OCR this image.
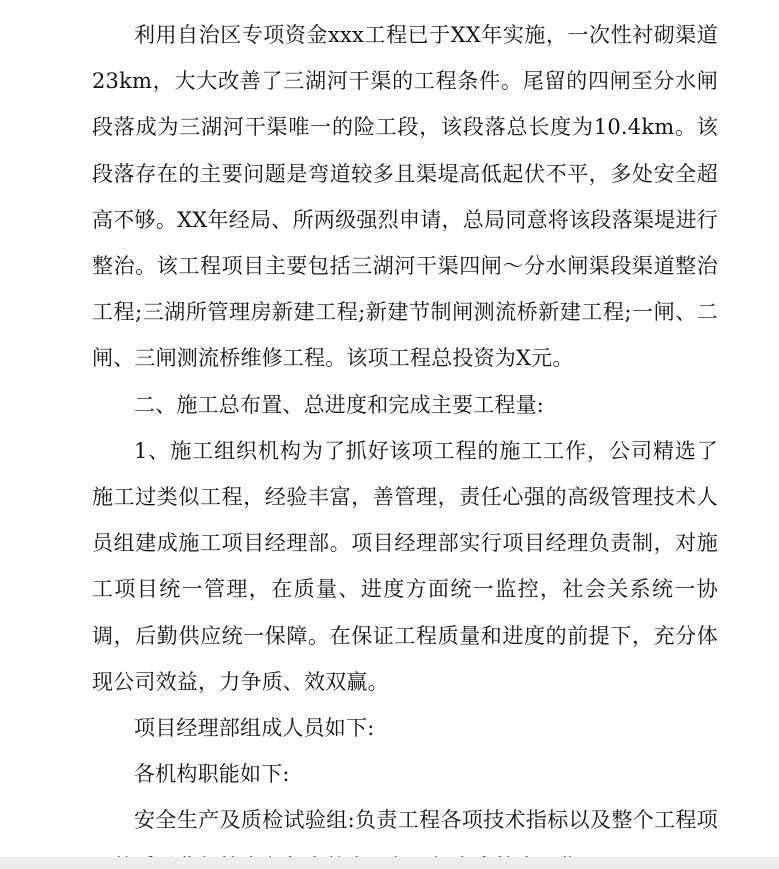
利用自治区专项资金xxx工程已于XX年实施，一次性衬砌渠道23km，大大改善了三湖河干渠的工程条件。尾留的四闸至分水闸段落成为三湖河干渠唯一的险工段，该段落总长度为10.4km。该段落存在的主要问题是弯道较多且渠堤高低起伏不平，多处安全超高不够。XX年经局、所两级强烈申请，总局同意将该段落渠堤进行整治。该工程项目主要包括三湖河干渠四闸～分水闸渠段渠道整治工程;三湖所管理房新建工程;新建节制闸测流桥新建工程;一闸、二闸、三闸测流桥维修工程。该项工程总投资为X元。

二、施工总布置、总进度和完成主要工程量:

1、施工组织机构为了抓好该项工程的施工工作，公司精选了施工过类似工程，经验丰富，善管理，责任心强的高级管理技术人员组建成施工项目经理部。项目经理部实行项目经理负责制，对施工项目统一管理，在质量、进度方面统一监控，社会关系统一协调，后勤供应统一保障。在保证工程质量和进度的前提下，充分体现公司效益，力争质、效双赢。

项目经理部组成人员如下:

各机构职能如下:

安全生产及质检试验组:负责工程各项技术指标以及整个工程项
